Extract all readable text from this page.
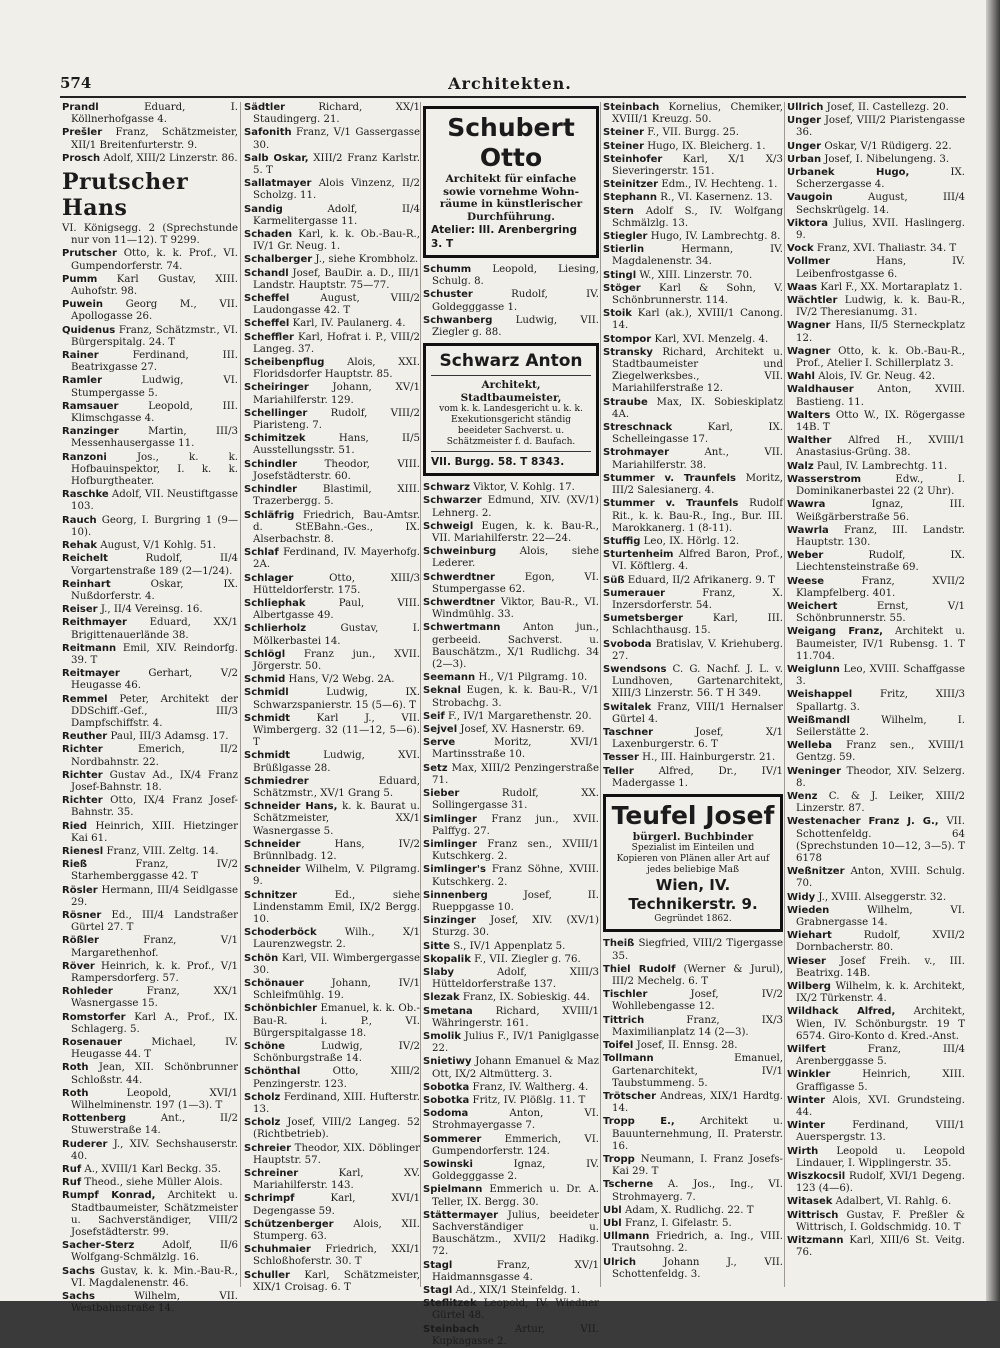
Architekten.
574
Prandl	Eduard, I. Köllnerhofgasse 4.
Prešler Franz, Schätzmeister, XII/1 Breitenfurterstr. 9.
Prosch Adolf, XIII/2 Linzerstr. 86.
Prutscher Hans
VI. Königsegg. 2 (Sprechstunde nur von 11—12). T 9299.
Prutscher Otto, k. k. Prof., VI. Gumpendorferstr. 74.
Pumm Karl Gustav, XIII. Auhofstr. 98.
Puwein Georg M., VII. Apollogasse 26.
Quidenus Franz, Schätzmstr., VI. Bürgerspitalg. 24. T
Rainer	Ferdinand, III. Beatrixgasse 27.
Ramler	Ludwig, VI. Stumpergasse 5.
Ramsauer	Leopold, III. Klimschgasse 4.
Ranzinger	Martin, III/3 Messenhausergasse 11.
Ranzoni	Jos., k. k. Hofbauinspektor, I. k. k. Hofburgtheater.
Raschke Adolf, VII. Neustiftgasse 103.
Rauch Georg, I. Burgring 1 (9—10).
Rehak August, V/1 Kohlg. 51.
Reichelt	Rudolf, II/4 Vorgartenstraße 189 (2—1/24).
Reinhart	Oskar, IX. Nußdorferstr. 4.
Reiser J., II/4 Vereinsg. 16.
Reithmayer Eduard, XX/1 Brigittenauerlände 38.
Reitmann Emil, XIV. Reindorfg. 39. T
Reitmayer	Gerhart, V/2 Heugasse 46.
Remmel Peter, Architekt der DDSchiff.-Gef., III/3 Dampfschiffstr. 4.
Reuther Paul, III/3 Adamsg. 17.
Richter	Emerich, II/2 Nordbahnstr. 22.
Richter Gustav Ad., IX/4 Franz Josef-Bahnstr. 18.
Richter Otto, IX/4 Franz Josef-Bahnstr. 35.
Ried Heinrich, XIII. Hietzinger Kai 61.
Rienesl Franz, VIII. Zeltg. 14.
Rieß	Franz, IV/2 Starhemberggasse 42. T
Rösler Hermann, III/4 Seidlgasse 29.
Rösner Ed., III/4 Landstraßer Gürtel 27. T
Rößler	Franz, V/1 Margarethenhof.
Röver Heinrich, k. k. Prof., V/1 Rampersdorferg. 57.
Rohleder	Franz, XX/1 Wasnergasse 15.
Romstorfer Karl A., Prof., IX. Schlagerg. 5.
Rosenauer	Michael, IV. Heugasse 44. T
Roth Jean, XII. Schönbrunner Schloßstr. 44.
Roth	Leopold, XVI/1 Wilhelminenstr. 197 (1—3). T
Rottenberg	Ant., II/2 Stuwerstraße 14.
Ruderer J., XIV. Sechshauserstr. 40.
Ruf A., XVIII/1 Karl Beckg. 35.
Ruf Theod., siehe Müller Alois.
Rumpf Konrad, Architekt u. Stadtbaumeister, Schätzmeister u. Sachverständiger, VIII/2 Josefstädterstr. 99.
Sacher-Sterz	Adolf, II/6 Wolfgang-Schmälzlg. 16.
Sachs Gustav, k. k. Min.-Bau-R., VI. Magdalenenstr. 46.
Sachs	Wilhelm, VII. Westbahnstraße 14.
Sädtler	Richard, XX/1 Staudingerg. 21.
Safonith Franz, V/1 Gassergasse 30.
Salb Oskar, XIII/2 Franz Karlstr. 5. T
Sallatmayer Alois Vinzenz, II/2 Scholzg. 11.
Sandig	Adolf, II/4 Karmelitergasse 11.
Schaden Karl, k. k. Ob.-Bau-R., IV/1 Gr. Neug. 1.
Schalberger J., siehe Krombholz.
Schandl Josef, BauDir. a. D., III/1 Landstr. Hauptstr. 75—77.
Scheffel	August, VIII/2 Laudongasse 42. T
Scheffel Karl, IV. Paulanerg. 4.
Scheffler Karl, Hofrat i. P., VIII/2 Langeg. 37.
Scheibenpflug Alois, XXI. Floridsdorfer Hauptstr. 85.
Scheiringer Johann, XV/1 Mariahilferstr. 129.
Schellinger Rudolf, VIII/2 Piaristeng. 7.
Schimitzek	Hans, II/5 Ausstellungsstr. 51.
Schindler	Theodor, VIII. Josefstädterstr. 60.
Schindler	Blastimil, XIII. Trazerbergg. 5.
Schläfrig Friedrich, Bau-Amtsr. d. StEBahn.-Ges., IX. Alserbachstr. 8.
Schlaf Ferdinand, IV. Mayerhofg. 2A.
Schlager	Otto, XIII/3 Hütteldorferstr. 175.
Schliephak	Paul, VIII. Albertgasse 49.
Schlierholz	Gustav, I. Mölkerbastei 14.
Schlögl Franz jun., XVII. Jörgerstr. 50.
Schmid Hans, V/2 Webg. 2A.
Schmidl	Ludwig, IX. Schwarzspanierstr. 15 (5—6). T
Schmidt	Karl J., VII. Wimbergerg. 32 (11—12, 5—6). T
Schmidt	Ludwig, XVI. Brüßlgasse 28.
Schmiedrer	Eduard, Schätzmstr., XV/1 Grang 5.
Schneider Hans, k. k. Baurat u. Schätzmeister, XX/1 Wasnergasse 5.
Schneider	Hans, IV/2 Brünnlbadg. 12.
Schneider Wilhelm, V. Pilgramg. 9.
Schnitzer	Ed., siehe Lindenstamm Emil, IX/2 Bergg. 10.
Schoderböck	Wilh., X/1 Laurenzwegstr. 2.
Schön Karl, VII. Wimbergergasse 30.
Schönauer	Johann, IV/1 Schleifmühlg. 19.
Schönbichler Emanuel, k. k. Ob.-Bau-R. i. P., VI. Bürgerspitalgasse 18.
Schöne	Ludwig, IV/2 Schönburgstraße 14.
Schönthal	Otto, XIII/2 Penzingerstr. 123.
Scholz Ferdinand, XIII. Hufterstr. 13.
Scholz Josef, VIII/2 Langeg. 52 (Richtbetrieb).
Schreier Theodor, XIX. Döblinger Hauptstr. 57.
Schreiner	Karl, XV. Mariahilferstr. 143.
Schrimpf	Karl, XVI/1 Degengasse 59.
Schützenberger Alois, XII. Stumperg. 63.
Schuhmaier Friedrich, XXI/1 Schloßhoferstr. 30. T
Schuller Karl, Schätzmeister, XIX/1 Croisag. 6. T
Schubert Otto
Architekt für einfache
sowie vornehme Wohn-
räume in künstlerischer
Durchführung.
Atelier: III. Arenbergring 3. T
Schumm Leopold, Liesing, Schulg. 8.
Schuster	Rudolf, IV. Goldegggasse 1.
Schwanberg Ludwig, VII. Ziegler g. 88.
Schwarz Anton
Architekt, Stadtbaumeister,
vom k. k. Landesgericht u. k. k. Exekutionsgericht ständig beeideter Sachverst. u. Schätzmeister f. d. Baufach.
VII. Burgg. 58. T 8343.
Schwarz Viktor, V. Kohlg. 17.
Schwarzer Edmund, XIV. (XV/1) Lehnerg. 2.
Schweigl Eugen, k. k. Bau-R., VII. Mariahilferstr. 22—24.
Schweinburg Alois, siehe Lederer.
Schwerdtner	Egon, VI. Stumpergasse 62.
Schwerdtner Viktor, Bau-R., VI. Windmühlg. 33.
Schwertmann Anton jun., gerbeeid. Sachverst. u. Bauschätzm., X/1 Rudlichg. 34 (2—3).
Seemann H., V/1 Pilgramg. 10.
Seknal Eugen, k. k. Bau-R., V/1 Strobachg. 3.
Seif F., IV/1 Margarethenstr. 20.
Sejvel Josef, XV. Hasnerstr. 69.
Serve	Moritz, XVI/1 Martinsstraße 10.
Setz Max, XIII/2 Penzingerstraße 71.
Sieber	Rudolf, XX. Sollingergasse 31.
Simlinger Franz jun., XVII. Palffyg. 27.
Simlinger Franz sen., XVIII/1 Kutschkerg. 2.
Simlinger's Franz Söhne, XVIII. Kutschkerg. 2.
Sinnenberg	Josef, II. Rueppgasse 10.
Sinzinger Josef, XIV. (XV/1) Sturzg. 30.
Sitte S., IV/1 Appenplatz 5.
Skopalik F., VII. Ziegler g. 76.
Slaby	Adolf, XIII/3 Hütteldorferstraße 137.
Slezak Franz, IX. Sobieskig. 44.
Smetana Richard, XVIII/1 Währingerstr. 161.
Smolik Julius F., IV/1 Paniglgasse 22.
Snietiwy Johann Emanuel & Maz Ott, IX/2 Altmütterg. 3.
Sobotka Franz, IV. Waltherg. 4.
Sobotka Fritz, IV. Plößlg. 11. T
Sodoma	Anton, VI. Strohmayergasse 7.
Sommerer Emmerich, VI. Gumpendorferstr. 124.
Sowinski	Ignaz, IV. Goldegggasse 2.
Spielmann Emmerich u. Dr. A. Teller, IX. Bergg. 30.
Stättermayer Julius, beeideter Sachverständiger u. Bauschätzm., XVII/2 Hadikg. 72.
Stagl	Franz, XV/1 Haidmannsgasse 4.
Stagl Ad., XIX/1 Steinfeldg. 1.
Steflitzek Leopold, IV. Wiedner Gürtel 48.
Steinbach	Artur, VII. Kupkagasse 2.
Steinbach Kornelius, Chemiker, XVIII/1 Kreuzg. 50.
Steiner F., VII. Burgg. 25.
Steiner Hugo, IX. Bleicherg. 1.
Steinhofer Karl, X/1 X/3 Sieveringerstr. 151.
Steinitzer Edm., IV. Hechteng. 1.
Stephann R., VI. Kasernenz. 13.
Stern Adolf S., IV. Wolfgang Schmälzlg. 13.
Stiegler Hugo, IV. Lambrechtg. 8.
Stierlin	Hermann, IV. Magdalenenstr. 34.
Stingl W., XIII. Linzerstr. 70.
Stöger Karl & Sohn, V. Schönbrunnerstr. 114.
Stoik Karl (ak.), XVIII/1 Canong. 14.
Stompor Karl, XVI. Menzelg. 4.
Stransky Richard, Architekt u. Stadtbaumeister und Ziegelwerksbes., VII. Mariahilferstraße 12.
Straube Max, IX. Sobieskiplatz 4A.
Streschnack	Karl, IX. Schelleingasse 17.
Strohmayer	Ant., VII. Mariahilferstr. 38.
Stummer v. Traunfels Moritz, III/2 Salesianerg. 4.
Stummer v. Traunfels Rudolf Rit., k. k. Bau-R., Ing., Bur. III. Marokkanerg. 1 (8-11).
Stuffig Leo, IX. Hörlg. 12.
Sturtenheim Alfred Baron, Prof., VI. Köftlerg. 4.
Süß Eduard, II/2 Afrikanerg. 9. T
Sumerauer	Franz, X. Inzersdorferstr. 54.
Sumetsberger	Karl, III. Schlachthausg. 15.
Svoboda Bratislav, V. Kriehuberg. 27.
Swendsons C. G. Nachf. J. L. v. Lundhoven, Gartenarchitekt, XIII/3 Linzerstr. 56. T H 349.
Switalek Franz, VIII/1 Hernalser Gürtel 4.
Taschner	Josef, X/1 Laxenburgerstr. 6. T
Tesser H., III. Hainburgerstr. 21.
Teller Alfred, Dr., IV/1 Madergasse 1.
Teufel Josef
bürgerl. Buchbinder
Spezialist im Einteilen und Kopieren von Plänen aller Art auf jedes beliebige Maß
Wien, IV. Technikerstr. 9.
Gegründet 1862.
Theiß Siegfried, VIII/2 Tigergasse 35.
Thiel Rudolf (Werner & Jurul), III/2 Mechelg. 6. T
Tischler	Josef, IV/2 Wohllebengasse 12.
Tittrich	Franz, IX/3 Maximilianplatz 14 (2—3).
Toifel Josef, II. Ennsg. 28.
Tollmann	Emanuel, Gartenarchitekt, IV/1 Taubstummeng. 5.
Trötscher Andreas, XIX/1 Hardtg. 14.
Tropp E., Architekt u. Bauunternehmung, II. Praterstr. 16.
Tropp Neumann, I. Franz Josefs-Kai 29. T
Tscherne A. Jos., Ing., VI. Strohmayerg. 7.
Ubl Adam, X. Rudlichg. 22. T
Ubl Franz, I. Gifelastr. 5.
Ullmann Friedrich, a. Ing., VIII. Trautsohng. 2.
Ulrich	Johann J., VII. Schottenfeldg. 3.
Ullrich Josef, II. Castellezg. 20.
Unger Josef, VIII/2 Piaristengasse 36.
Unger Oskar, V/1 Rüdigerg. 22.
Urban Josef, I. Nibelungeng. 3.
Urbanek Hugo,	IX. Scherzergasse 4.
Vaugoin	August, III/4 Sechskrügelg. 14.
Viktora Julius, XVII. Haslingerg. 9.
Vock Franz, XVI. Thaliastr. 34. T
Vollmer	Hans, IV. Leibenfrostgasse 6.
Waas Karl F., XX. Mortaraplatz 1.
Wächtler Ludwig, k. k. Bau-R., IV/2 Theresianumg. 31.
Wagner Hans, II/5 Sterneckplatz 12.
Wagner Otto, k. k. Ob.-Bau-R., Prof., Atelier I. Schillerplatz 3.
Wahl Alois, IV. Gr. Neug. 42.
Waldhauser Anton, XVIII. Bastieng. 11.
Walters Otto W., IX. Rögergasse 14B. T
Walther Alfred H., XVIII/1 Anastasius-Grüng. 38.
Walz Paul, IV. Lambrechtg. 11.
Wasserstrom	Edw., I. Dominikanerbastei 22 (2 Uhr).
Wawra	Ignaz, III. Weißgärberstraße 56.
Wawrla Franz, III. Landstr. Hauptstr. 130.
Weber	Rudolf, IX. Liechtensteinstraße 69.
Weese	Franz, XVII/2 Klampfelberg. 401.
Weichert	Ernst, V/1 Schönbrunnerstr. 55.
Weigang Franz, Architekt u. Baumeister, IV/1 Rubensg. 1. T 11.704.
Weiglunn Leo, XVIII. Schaffgasse 3.
Weishappel	Fritz, XIII/3 Spallartg. 3.
Weißmandl	Wilhelm, I. Seilerstätte 2.
Welleba Franz sen., XVIII/1 Gentzg. 59.
Weninger Theodor, XIV. Selzerg. 8.
Wenz C. & J. Leiker, XIII/2 Linzerstr. 87.
Westenacher Franz J. G., VII. Schottenfeldg. 64 (Sprechstunden 10—12, 3—5). T 6178
Weßnitzer Anton, XVIII. Schulg. 70.
Widy J., XVIII. Alseggerstr. 32.
Wieden	Wilhelm, VI. Grabnergasse 14.
Wiehart	Rudolf, XVII/2 Dornbacherstr. 80.
Wieser Josef Freih. v., III. Beatrixg. 14B.
Wilberg Wilhelm, k. k. Architekt, IX/2 Türkenstr. 4.
Wildhack Alfred, Architekt, Wien, IV. Schönburgstr. 19 T 6574. Giro-Konto d. Kred.-Anst.
Wilfert	Franz, III/4 Arenberggasse 5.
Winkler	Heinrich, XIII. Graffigasse 5.
Winter Alois, XVI. Grundsteing. 44.
Winter	Ferdinand, VIII/1 Auerspergstr. 13.
Wirth Leopold u. Leopold Lindauer, I. Wipplingerstr. 35.
Wiszkocsil Rudolf, XVI/1 Degeng. 123 (4—6).
Witasek Adalbert, VI. Rahlg. 6.
Wittrisch Gustav, F. Preßler & Wittrisch, I. Goldschmidg. 10. T
Witzmann Karl, XIII/6 St. Veitg. 76.
